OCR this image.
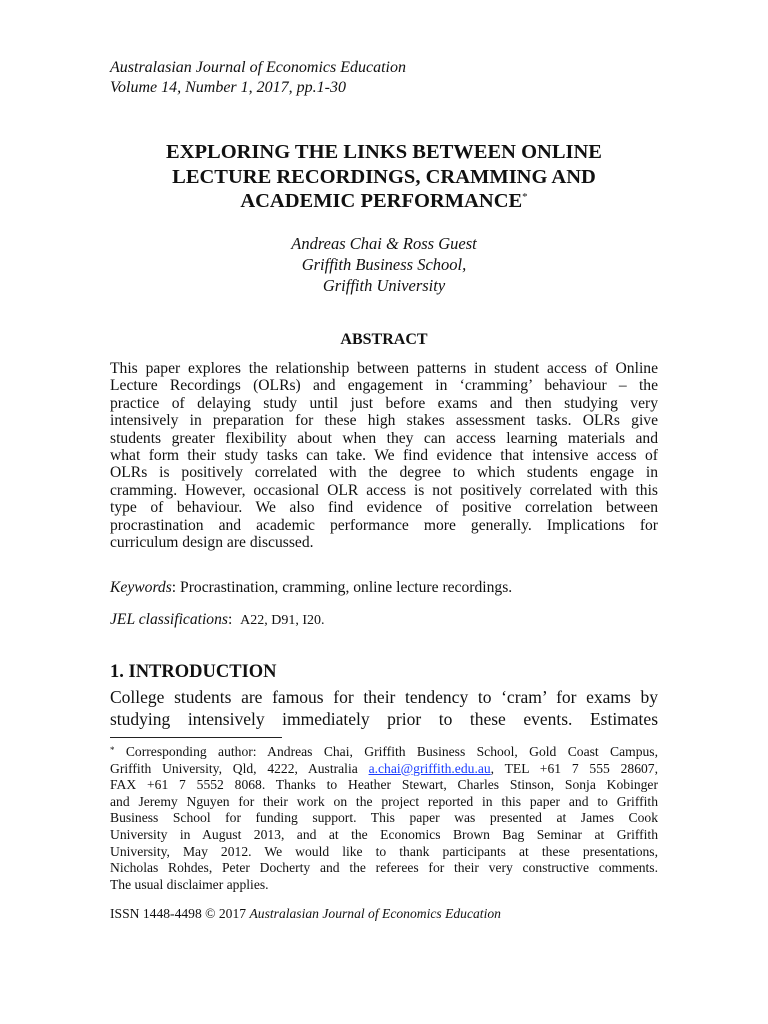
Australasian Journal of Economics Education
Volume 14, Number 1, 2017, pp.1-30
EXPLORING THE LINKS BETWEEN ONLINE
LECTURE RECORDINGS, CRAMMING AND
ACADEMIC PERFORMANCE*
Andreas Chai & Ross Guest
Griffith Business School,
Griffith University
ABSTRACT
This paper explores the relationship between patterns in student access of Online
Lecture Recordings (OLRs) and engagement in ‘cramming’ behaviour – the
practice of delaying study until just before exams and then studying very
intensively in preparation for these high stakes assessment tasks. OLRs give
students greater flexibility about when they can access learning materials and
what form their study tasks can take. We find evidence that intensive access of
OLRs is positively correlated with the degree to which students engage in
cramming. However, occasional OLR access is not positively correlated with this
type of behaviour. We also find evidence of positive correlation between
procrastination and academic performance more generally. Implications for
curriculum design are discussed.
Keywords: Procrastination, cramming, online lecture recordings.
JEL classifications: A22, D91, I20.
1. INTRODUCTION
College students are famous for their tendency to ‘cram’ for exams by
studying intensively immediately prior to these events. Estimates
* Corresponding author: Andreas Chai, Griffith Business School, Gold Coast Campus,
Griffith University, Qld, 4222, Australia a.chai@griffith.edu.au, TEL +61 7 555 28607,
FAX +61 7 5552 8068. Thanks to Heather Stewart, Charles Stinson, Sonja Kobinger
and Jeremy Nguyen for their work on the project reported in this paper and to Griffith
Business School for funding support. This paper was presented at James Cook
University in August 2013, and at the Economics Brown Bag Seminar at Griffith
University, May 2012. We would like to thank participants at these presentations,
Nicholas Rohdes, Peter Docherty and the referees for their very constructive comments.
The usual disclaimer applies.
ISSN 1448-4498 © 2017 Australasian Journal of Economics Education
